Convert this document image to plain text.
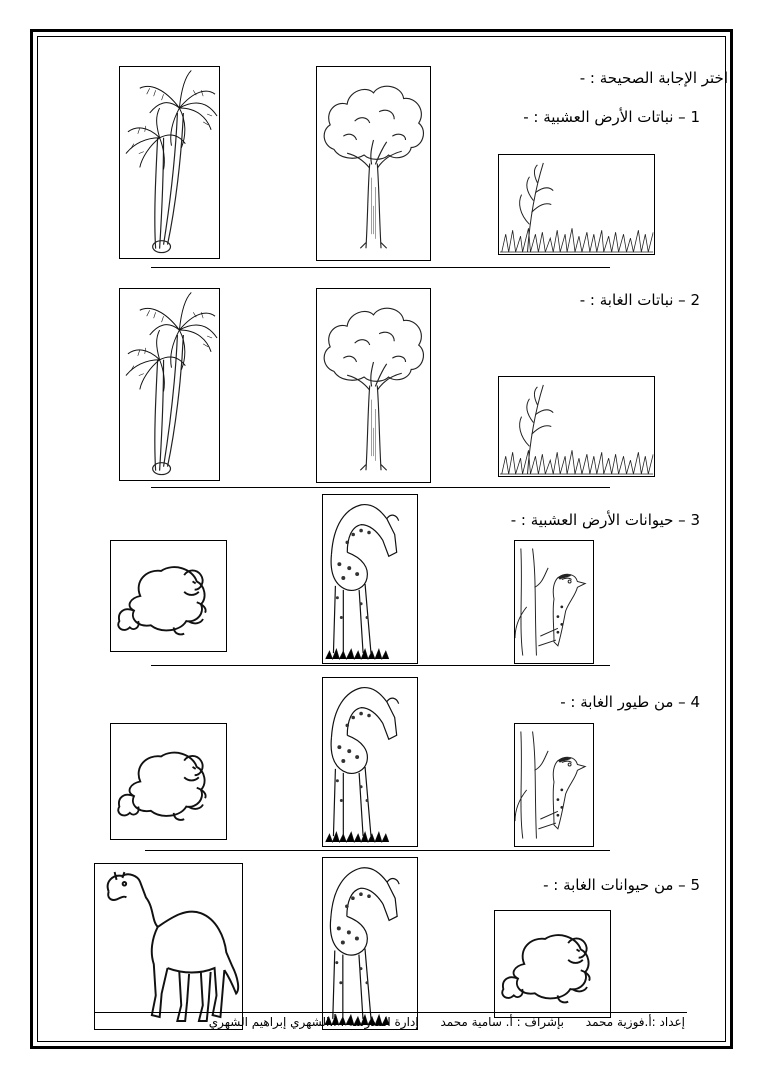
اختر الإجابة الصحيحة : -
1 – نباتات الأرض العشبية : -
2 – نباتات الغابة : -
3 – حيوانات الأرض العشبية : -
4 – من طيور الغابة : -
5 – من حيوانات الغابة : -
إعداد :أ.فوزية محمد بإشراف : أ. سامية محمد إدارة المدرسة : أ.الشهري إبراهيم الشهري
